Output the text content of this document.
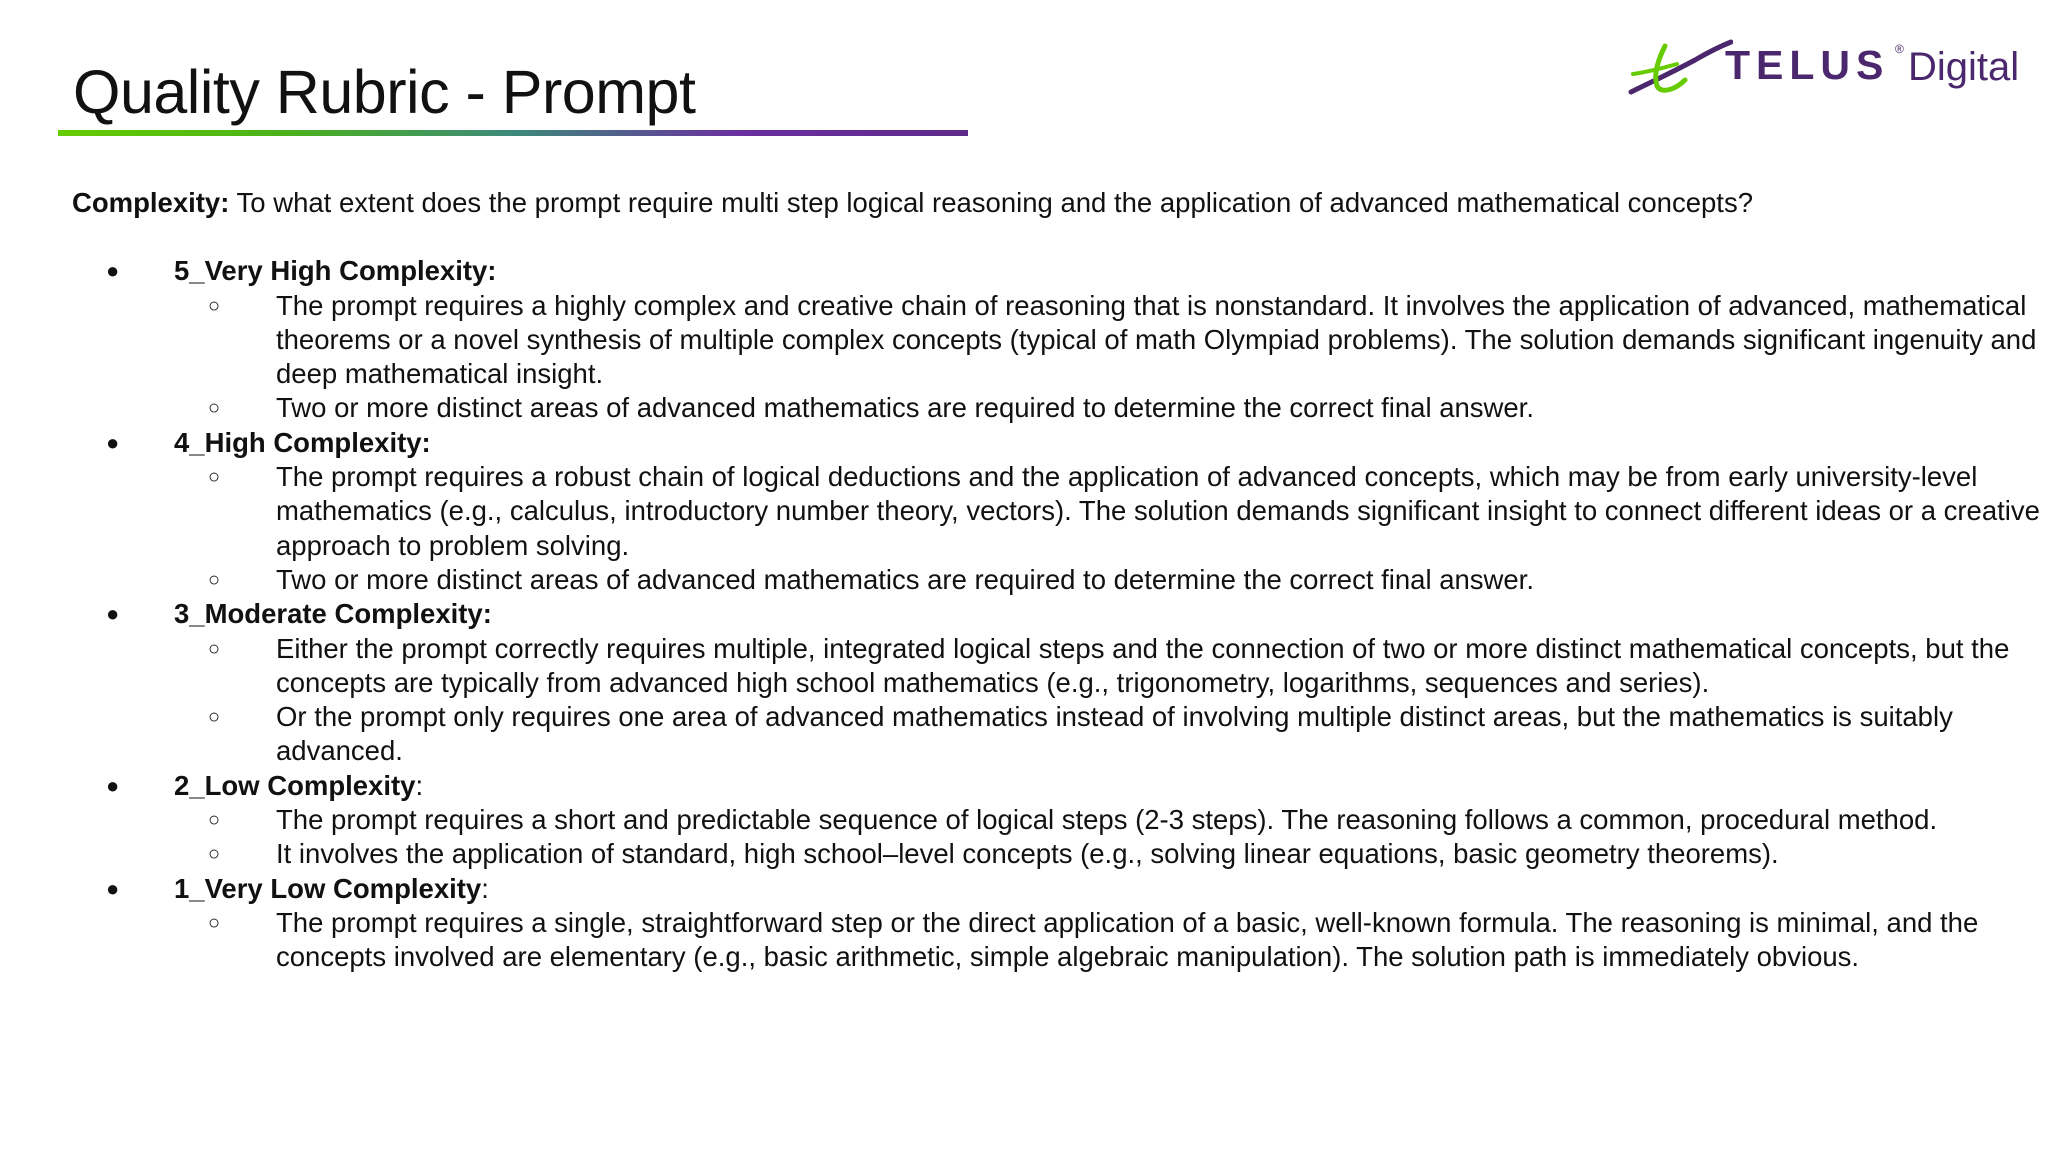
Quality Rubric - Prompt	TELUS ® Digital

Complexity: To what extent does the prompt require multi step logical reasoning and the application of advanced mathematical concepts?

● 5_Very High Complexity:
○	The prompt requires a highly complex and creative chain of reasoning that is nonstandard. It involves the application of advanced, mathematical theorems or a novel synthesis of multiple complex concepts (typical of math Olympiad problems). The solution demands significant ingenuity and deep mathematical insight.
○	Two or more distinct areas of advanced mathematics are required to determine the correct final answer.
● 4_High Complexity:
○	The prompt requires a robust chain of logical deductions and the application of advanced concepts, which may be from early university-level mathematics (e.g., calculus, introductory number theory, vectors). The solution demands significant insight to connect different ideas or a creative approach to problem solving.
○	Two or more distinct areas of advanced mathematics are required to determine the correct final answer.
● 3_Moderate Complexity:
○	Either the prompt correctly requires multiple, integrated logical steps and the connection of two or more distinct mathematical concepts, but the concepts are typically from advanced high school mathematics (e.g., trigonometry, logarithms, sequences and series).
○	Or the prompt only requires one area of advanced mathematics instead of involving multiple distinct areas, but the mathematics is suitably advanced.
● 2_Low Complexity:
○	The prompt requires a short and predictable sequence of logical steps (2-3 steps). The reasoning follows a common, procedural method.
○	It involves the application of standard, high school–level concepts (e.g., solving linear equations, basic geometry theorems).
● 1_Very Low Complexity:
○	The prompt requires a single, straightforward step or the direct application of a basic, well-known formula. The reasoning is minimal, and the concepts involved are elementary (e.g., basic arithmetic, simple algebraic manipulation). The solution path is immediately obvious.
